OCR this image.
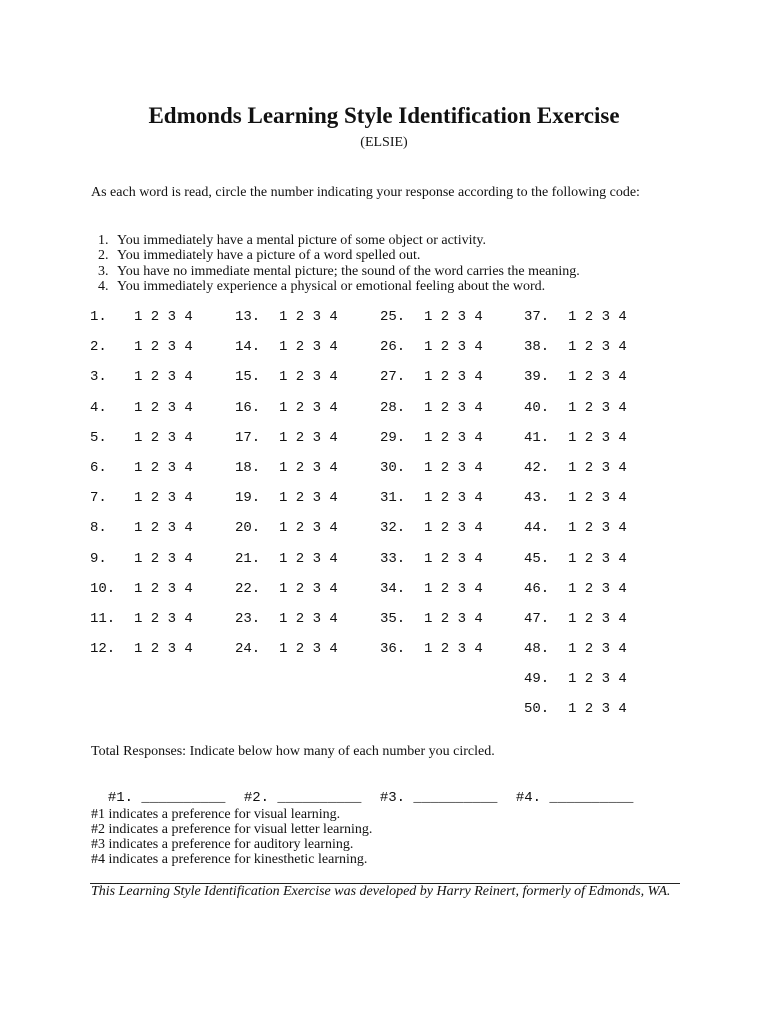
Edmonds Learning Style Identification Exercise
(ELSIE)
As each word is read, circle the number indicating your response according to the following code:
1. You immediately have a mental picture of some object or activity.
2. You immediately have a picture of a word spelled out.
3. You have no immediate mental picture; the sound of the word carries the meaning.
4. You immediately experience a physical or emotional feeling about the word.
1. 1 2 3 4
2. 1 2 3 4
3. 1 2 3 4
4. 1 2 3 4
5. 1 2 3 4
6. 1 2 3 4
7. 1 2 3 4
8. 1 2 3 4
9. 1 2 3 4
10. 1 2 3 4
11. 1 2 3 4
12. 1 2 3 4
13. 1 2 3 4
14. 1 2 3 4
15. 1 2 3 4
16. 1 2 3 4
17. 1 2 3 4
18. 1 2 3 4
19. 1 2 3 4
20. 1 2 3 4
21. 1 2 3 4
22. 1 2 3 4
23. 1 2 3 4
24. 1 2 3 4
25. 1 2 3 4
26. 1 2 3 4
27. 1 2 3 4
28. 1 2 3 4
29. 1 2 3 4
30. 1 2 3 4
31. 1 2 3 4
32. 1 2 3 4
33. 1 2 3 4
34. 1 2 3 4
35. 1 2 3 4
36. 1 2 3 4
37. 1 2 3 4
38. 1 2 3 4
39. 1 2 3 4
40. 1 2 3 4
41. 1 2 3 4
42. 1 2 3 4
43. 1 2 3 4
44. 1 2 3 4
45. 1 2 3 4
46. 1 2 3 4
47. 1 2 3 4
48. 1 2 3 4
49. 1 2 3 4
50. 1 2 3 4
Total Responses: Indicate below how many of each number you circled.

#1. __________ #2. __________ #3. __________ #4. __________

#1 indicates a preference for visual learning.
#2 indicates a preference for visual letter learning.
#3 indicates a preference for auditory learning.
#4 indicates a preference for kinesthetic learning.
This Learning Style Identification Exercise was developed by Harry Reinert, formerly of Edmonds, WA.
